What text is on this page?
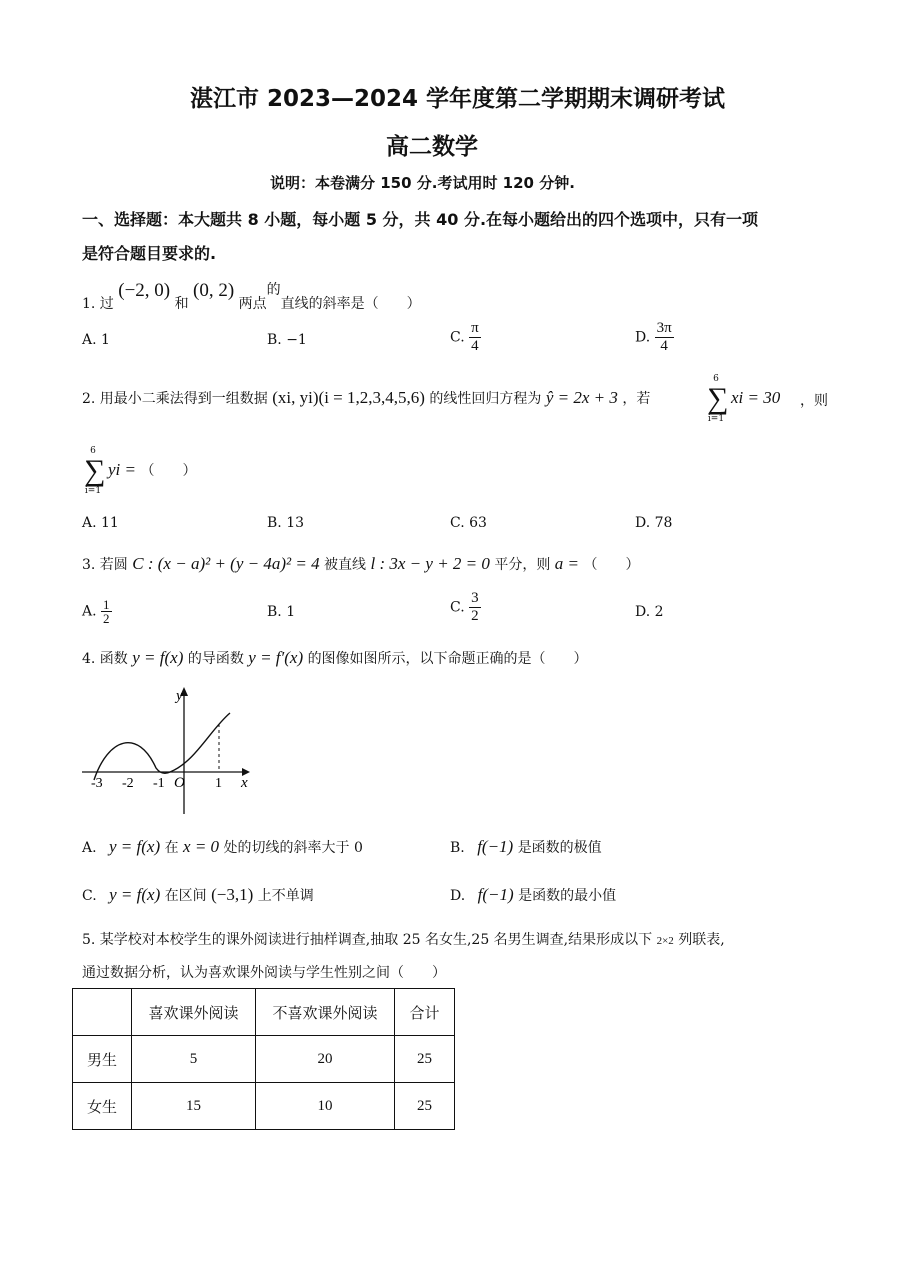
湛江市 2023—2024 学年度第二学期期末调研考试
高二数学
说明：本卷满分 150 分.考试用时 120 分钟.
一、选择题：本大题共 8 小题，每小题 5 分，共 40 分.在每小题给出的四个选项中，只有一项
是符合题目要求的.
1. 过 (−2, 0) 和 (0, 2) 两点的直线的斜率是（　　）
A. 1	B. −1	C. $\frac{\pi}{4}$	D. $\frac{3\pi}{4}$
2. 用最小二乘法得到一组数据 (xi, yi)(i = 1,2,3,4,5,6) 的线性回归方程为 ŷ = 2x + 3 ，若
6
∑
i=1
xi = 30 ，则
6
∑
i=1
yi = （　　）
A. 11	B. 13	C. 63	D. 78
3. 若圆 C : (x − a)² + (y − 4a)² = 4 被直线 l : 3x − y + 2 = 0 平分，则 a = （　　）
A. $\frac{1}{2}$	B. 1	C. $\frac{3}{2}$	D. 2
4. 函数 y = f(x) 的导函数 y = f′(x) 的图像如图所示，以下命题正确的是（　　）
y
x
O
-3 -2 -1	1
A. y = f(x) 在 x = 0 处的切线的斜率大于 0	B. f(−1) 是函数的极值
C. y = f(x) 在区间 (−3,1) 上不单调	D. f(−1) 是函数的最小值
5. 某学校对本校学生的课外阅读进行抽样调查,抽取 25 名女生,25 名男生调查,结果形成以下 2×2 列联表,
通过数据分析，认为喜欢课外阅读与学生性别之间（　　）
	喜欢课外阅读	不喜欢课外阅读	合计
男生	5	20	25
女生	15	10	25
